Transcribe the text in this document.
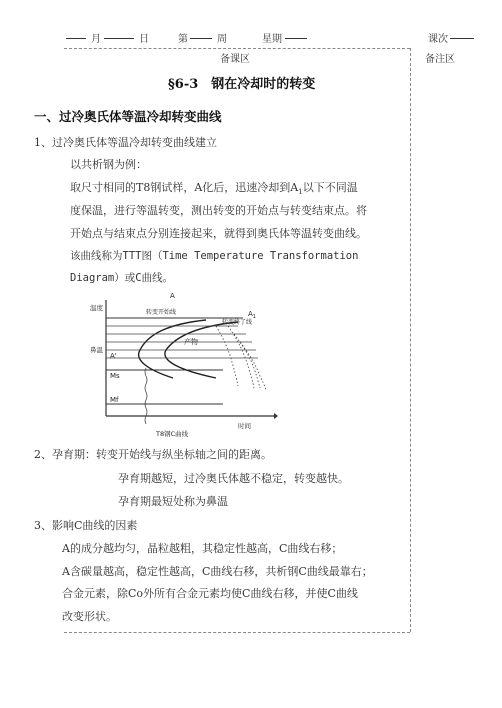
月	日	第	周	星期	课次
备课区	备注区
§6-3　钢在冷却时的转变
一、过冷奥氏体等温冷却转变曲线
1、过冷奥氏体等温冷却转变曲线建立
以共析钢为例：
取尺寸相同的T8钢试样，A化后，迅速冷却到$A_1$以下不同温
度保温，进行等温转变，测出转变的开始点与转变结束点。将
开始点与结束点分别连接起来，就得到奥氏体等温转变曲线。
该曲线称为TTT图（Time Temperature Transformation
Diagram）或C曲线。
温度
鼻温
A
$A_1$
转变开始线
转变终了线
产物
A'
Ms
Mf
时间
T8钢C曲线
2、孕育期：转变开始线与纵坐标轴之间的距离。
孕育期越短，过冷奥氏体越不稳定，转变越快。
孕育期最短处称为鼻温
3、影响C曲线的因素
A的成分越均匀，晶粒越粗，其稳定性越高，C曲线右移；
A含碳量越高，稳定性越高，C曲线右移，共析钢C曲线最靠右；
合金元素，除Co外所有合金元素均使C曲线右移，并使C曲线
改变形状。
